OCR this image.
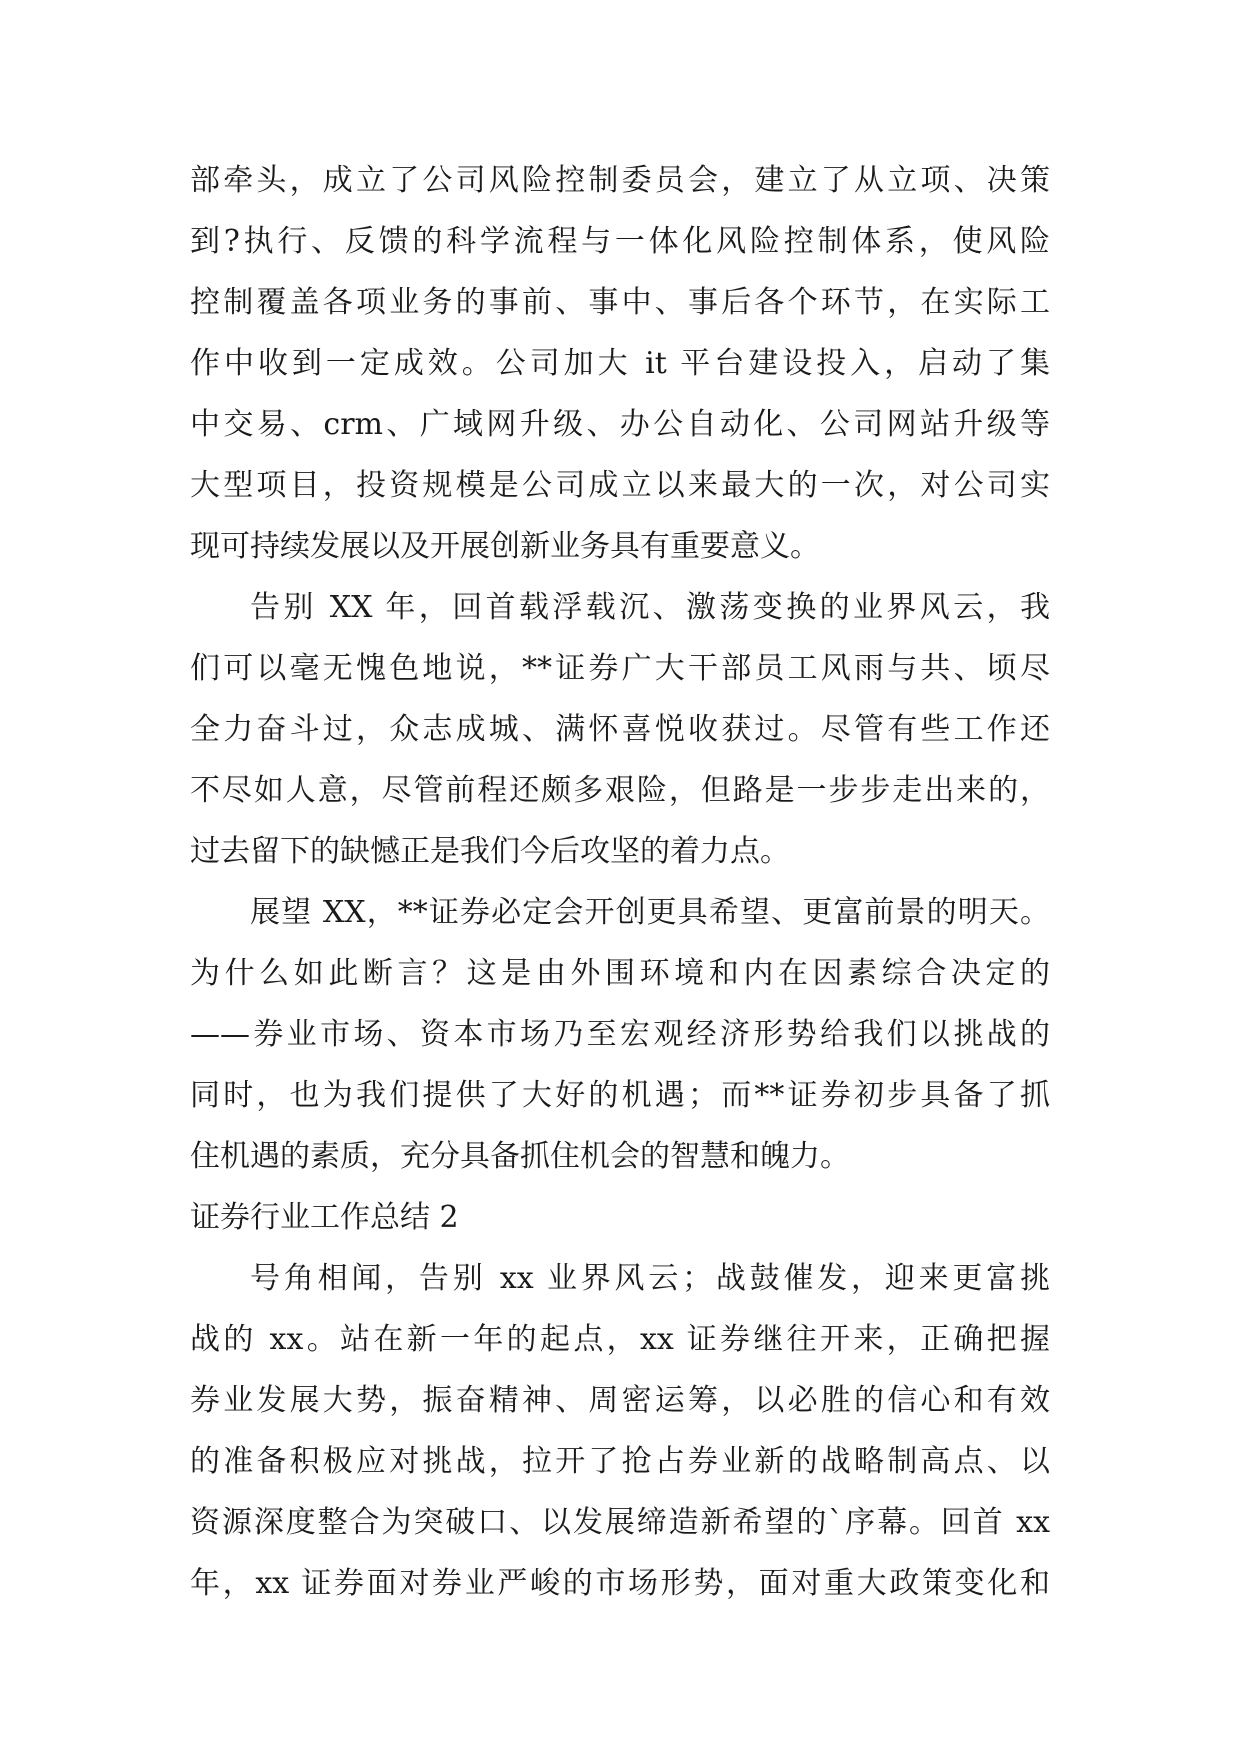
部牵头，成立了公司风险控制委员会，建立了从立项、决策
到?执行、反馈的科学流程与一体化风险控制体系，使风险
控制覆盖各项业务的事前、事中、事后各个环节，在实际工
作中收到一定成效。公司加大 it 平台建设投入，启动了集
中交易、crm、广域网升级、办公自动化、公司网站升级等
大型项目，投资规模是公司成立以来最大的一次，对公司实
现可持续发展以及开展创新业务具有重要意义。
告别 XX 年，回首载浮载沉、激荡变换的业界风云，我
们可以毫无愧色地说，**证券广大干部员工风雨与共、顷尽
全力奋斗过，众志成城、满怀喜悦收获过。尽管有些工作还
不尽如人意，尽管前程还颇多艰险，但路是一步步走出来的，
过去留下的缺憾正是我们今后攻坚的着力点。
展望 XX，**证券必定会开创更具希望、更富前景的明天。
为什么如此断言？这是由外围环境和内在因素综合决定的
——券业市场、资本市场乃至宏观经济形势给我们以挑战的
同时，也为我们提供了大好的机遇；而**证券初步具备了抓
住机遇的素质，充分具备抓住机会的智慧和魄力。
证券行业工作总结 2
号角相闻，告别 xx 业界风云；战鼓催发，迎来更富挑
战的 xx。站在新一年的起点，xx 证券继往开来，正确把握
券业发展大势，振奋精神、周密运筹，以必胜的信心和有效
的准备积极应对挑战，拉开了抢占券业新的战略制高点、以
资源深度整合为突破口、以发展缔造新希望的`序幕。回首 xx
年，xx 证券面对券业严峻的市场形势，面对重大政策变化和
